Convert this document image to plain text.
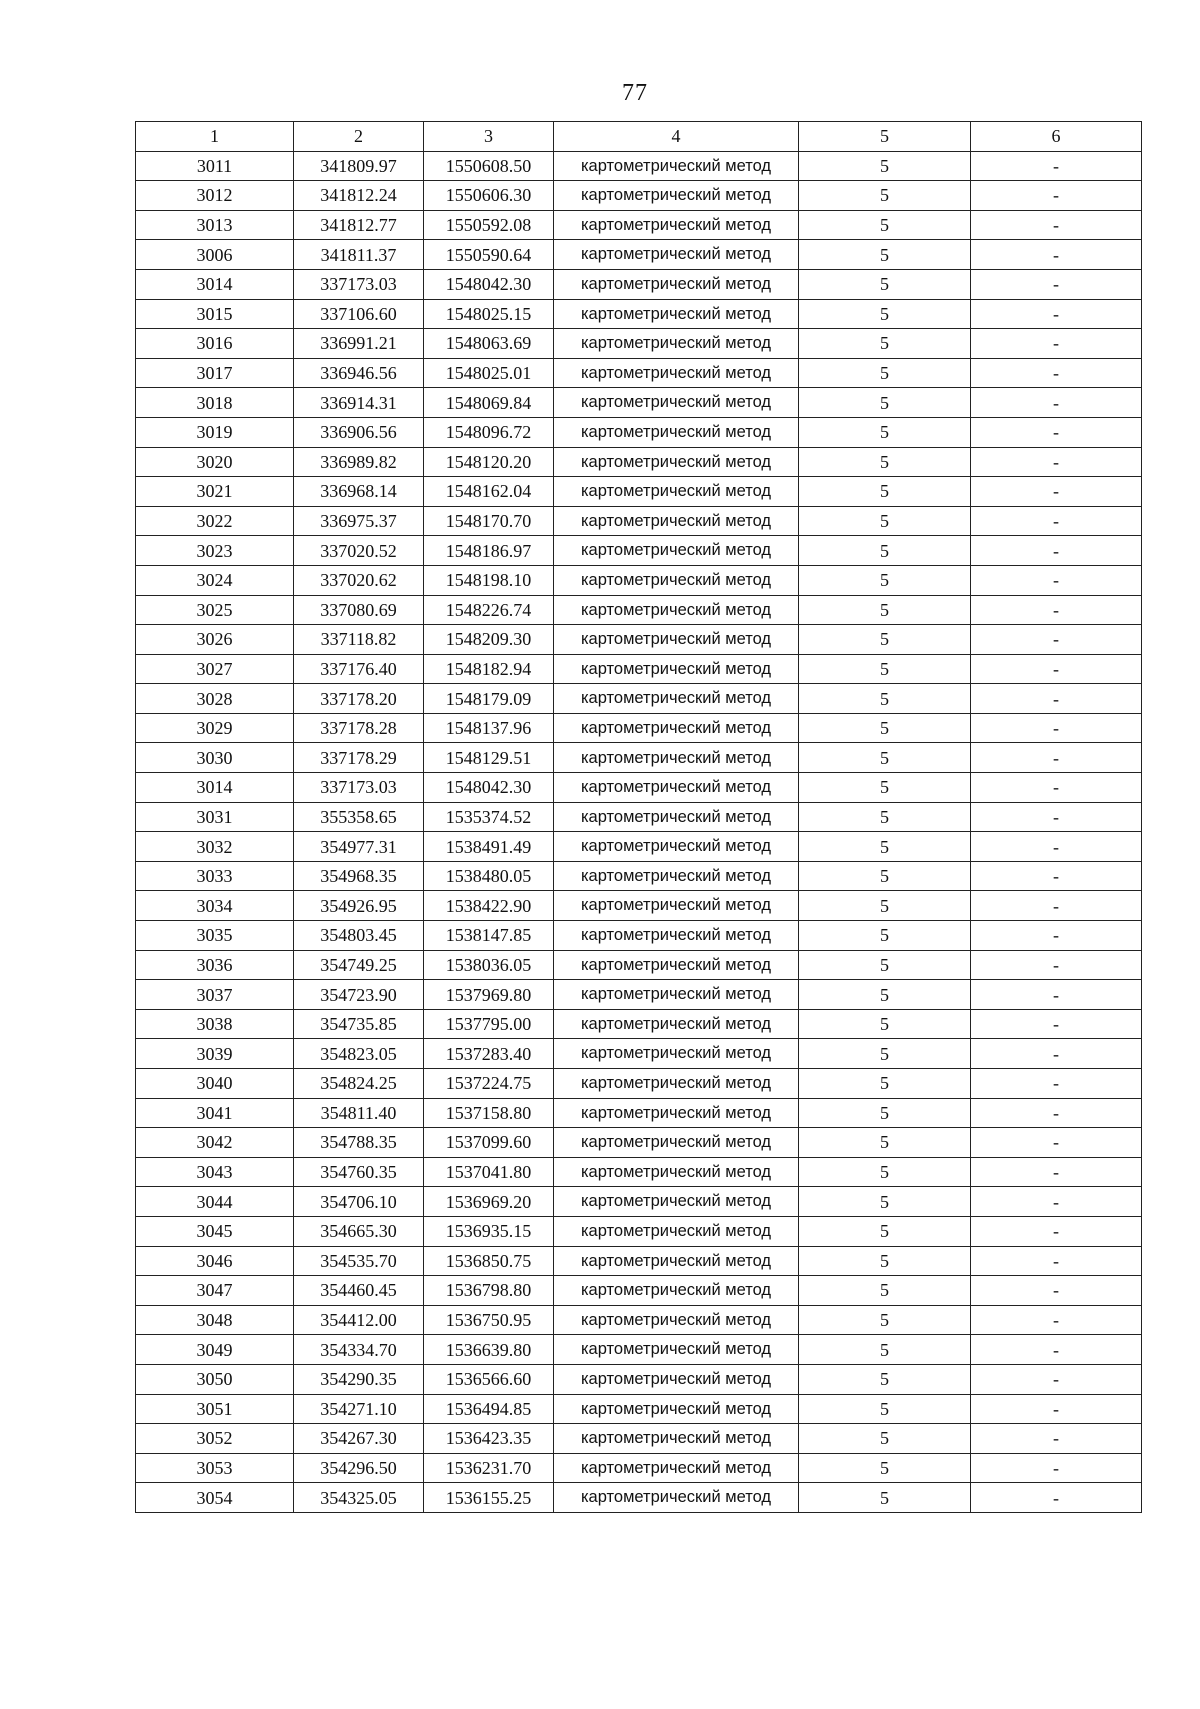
77
1	2	3	4	5	6
3011	341809.97	1550608.50	картометрический метод	5	-
3012	341812.24	1550606.30	картометрический метод	5	-
3013	341812.77	1550592.08	картометрический метод	5	-
3006	341811.37	1550590.64	картометрический метод	5	-
3014	337173.03	1548042.30	картометрический метод	5	-
3015	337106.60	1548025.15	картометрический метод	5	-
3016	336991.21	1548063.69	картометрический метод	5	-
3017	336946.56	1548025.01	картометрический метод	5	-
3018	336914.31	1548069.84	картометрический метод	5	-
3019	336906.56	1548096.72	картометрический метод	5	-
3020	336989.82	1548120.20	картометрический метод	5	-
3021	336968.14	1548162.04	картометрический метод	5	-
3022	336975.37	1548170.70	картометрический метод	5	-
3023	337020.52	1548186.97	картометрический метод	5	-
3024	337020.62	1548198.10	картометрический метод	5	-
3025	337080.69	1548226.74	картометрический метод	5	-
3026	337118.82	1548209.30	картометрический метод	5	-
3027	337176.40	1548182.94	картометрический метод	5	-
3028	337178.20	1548179.09	картометрический метод	5	-
3029	337178.28	1548137.96	картометрический метод	5	-
3030	337178.29	1548129.51	картометрический метод	5	-
3014	337173.03	1548042.30	картометрический метод	5	-
3031	355358.65	1535374.52	картометрический метод	5	-
3032	354977.31	1538491.49	картометрический метод	5	-
3033	354968.35	1538480.05	картометрический метод	5	-
3034	354926.95	1538422.90	картометрический метод	5	-
3035	354803.45	1538147.85	картометрический метод	5	-
3036	354749.25	1538036.05	картометрический метод	5	-
3037	354723.90	1537969.80	картометрический метод	5	-
3038	354735.85	1537795.00	картометрический метод	5	-
3039	354823.05	1537283.40	картометрический метод	5	-
3040	354824.25	1537224.75	картометрический метод	5	-
3041	354811.40	1537158.80	картометрический метод	5	-
3042	354788.35	1537099.60	картометрический метод	5	-
3043	354760.35	1537041.80	картометрический метод	5	-
3044	354706.10	1536969.20	картометрический метод	5	-
3045	354665.30	1536935.15	картометрический метод	5	-
3046	354535.70	1536850.75	картометрический метод	5	-
3047	354460.45	1536798.80	картометрический метод	5	-
3048	354412.00	1536750.95	картометрический метод	5	-
3049	354334.70	1536639.80	картометрический метод	5	-
3050	354290.35	1536566.60	картометрический метод	5	-
3051	354271.10	1536494.85	картометрический метод	5	-
3052	354267.30	1536423.35	картометрический метод	5	-
3053	354296.50	1536231.70	картометрический метод	5	-
3054	354325.05	1536155.25	картометрический метод	5	-
